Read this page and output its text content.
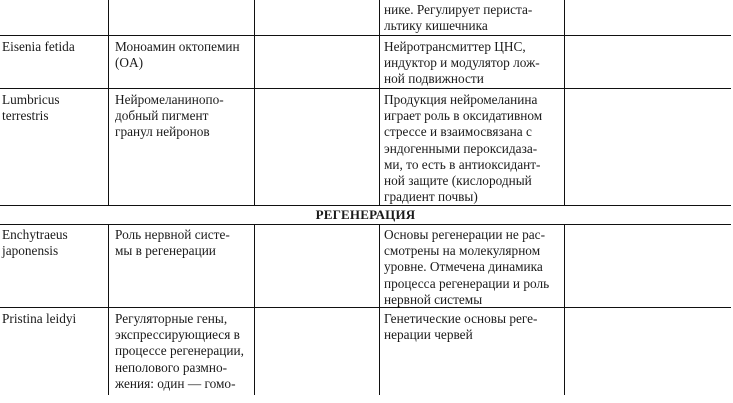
нике. Регулирует периста-
льтику кишечника
Eisenia fetida	Моноамин октопемин
(OA)
Нейротрансмиттер ЦНС,
индуктор и модулятор лож-
ной подвижности
Lumbricus
terrestris
Нейромеланинопо-
добный пигмент
гранул нейронов
Продукция нейромеланина
играет роль в оксидативном
стрессе и взаимосвязана с
эндогенными пероксидаза-
ми, то есть в антиоксидант-
ной защите (кислородный
градиент почвы)
РЕГЕНЕРАЦИЯ
Enchytraeus
japonensis
Роль нервной систе-
мы в регенерации
Основы регенерации не рас-
смотрены на молекулярном
уровне. Отмечена динамика
процесса регенерации и роль
нервной системы
Pristina leidyi	Регуляторные гены,
экспрессирующиеся в
процессе регенерации,
неполового размно-
жения: один — гомо-
Генетические основы реге-
нерации червей
